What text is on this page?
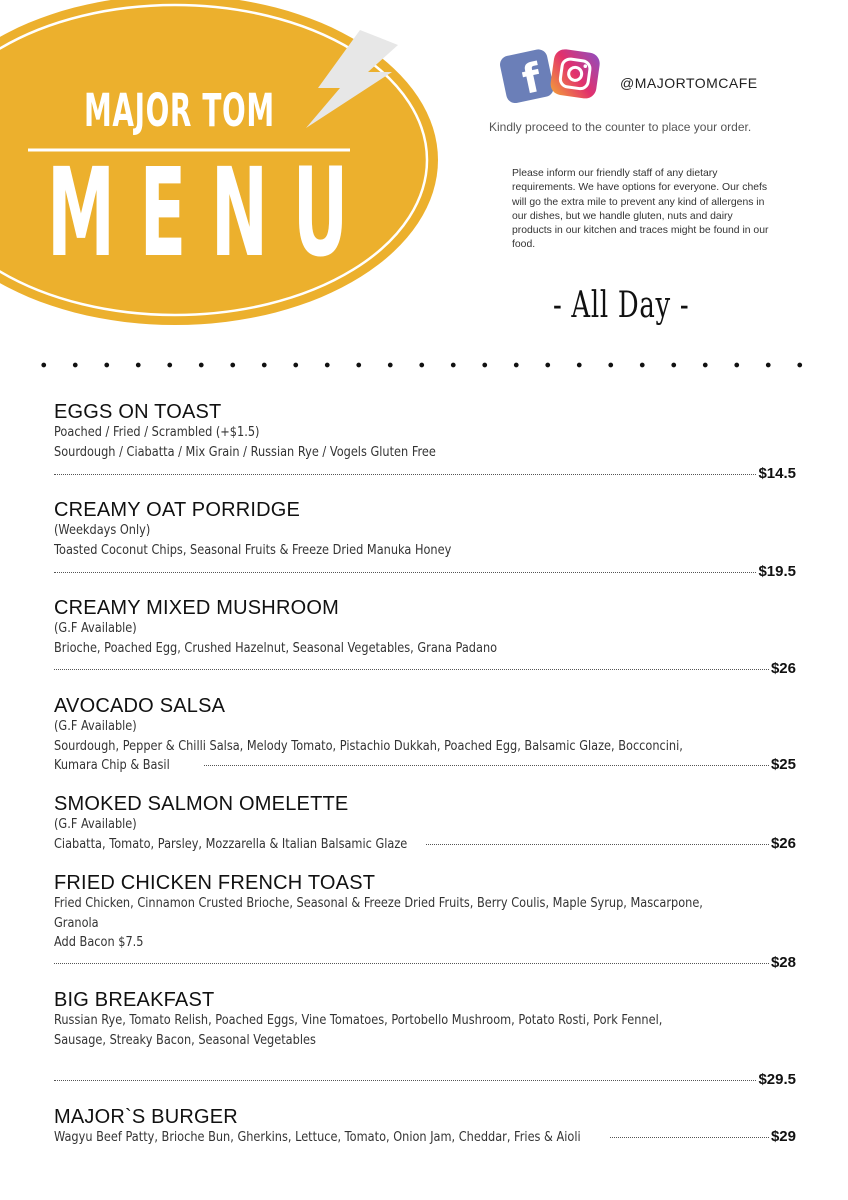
MAJOR TOM
MENU
f	@MAJORTOMCAFE
Kindly proceed to the counter to place your order.
Please inform our friendly staff of any dietary requirements. We have options for everyone. Our chefs will go the extra mile to prevent any kind of allergens in our dishes, but we handle gluten, nuts and dairy products in our kitchen and traces might be found in our food.
- All Day -
EGGS ON TOAST
Poached / Fried / Scrambled (+$1.5)
Sourdough / Ciabatta / Mix Grain / Russian Rye / Vogels Gluten Free
$14.5
CREAMY OAT PORRIDGE
(Weekdays Only)
Toasted Coconut Chips, Seasonal Fruits & Freeze Dried Manuka Honey
$19.5
CREAMY MIXED MUSHROOM
(G.F Available)
Brioche, Poached Egg, Crushed Hazelnut, Seasonal Vegetables, Grana Padano
$26
AVOCADO SALSA
(G.F Available)
Sourdough, Pepper & Chilli Salsa, Melody Tomato, Pistachio Dukkah, Poached Egg, Balsamic Glaze, Bocconcini,
Kumara Chip & Basil	$25
SMOKED SALMON OMELETTE
(G.F Available)
Ciabatta, Tomato, Parsley, Mozzarella & Italian Balsamic Glaze	$26
FRIED CHICKEN FRENCH TOAST
Fried Chicken, Cinnamon Crusted Brioche, Seasonal & Freeze Dried Fruits, Berry Coulis, Maple Syrup, Mascarpone,
Granola
Add Bacon $7.5
$28
BIG BREAKFAST
Russian Rye, Tomato Relish, Poached Eggs, Vine Tomatoes, Portobello Mushroom, Potato Rosti, Pork Fennel,
Sausage, Streaky Bacon, Seasonal Vegetables
$29.5
MAJOR`S BURGER
Wagyu Beef Patty, Brioche Bun, Gherkins, Lettuce, Tomato, Onion Jam, Cheddar, Fries & Aioli	$29
